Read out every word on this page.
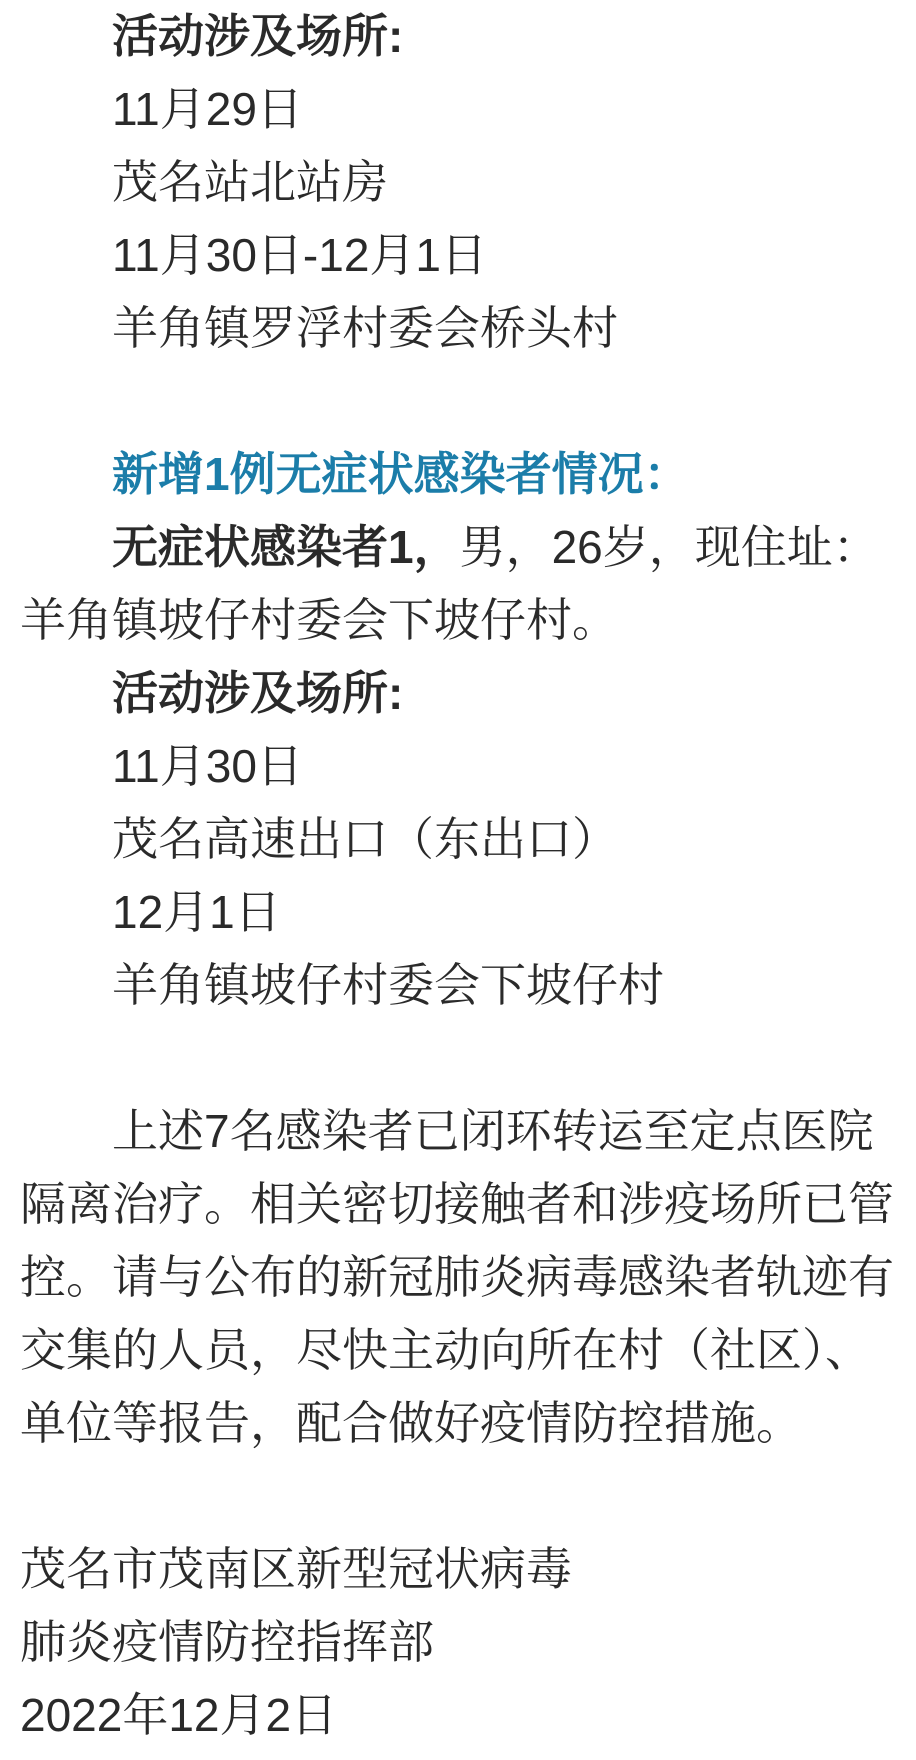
活动涉及场所:

11月29日

茂名站北站房

11月30日-12月1日

羊角镇罗浮村委会桥头村

新增1例无症状感染者情况：

无症状感染者1，男，26岁，现住址：羊角镇坡仔村委会下坡仔村。

活动涉及场所:

11月30日

茂名高速出口（东出口）

12月1日

羊角镇坡仔村委会下坡仔村

上述7名感染者已闭环转运至定点医院隔离治疗。相关密切接触者和涉疫场所已管控。请与公布的新冠肺炎病毒感染者轨迹有交集的人员，尽快主动向所在村（社区）、单位等报告，配合做好疫情防控措施。

茂名市茂南区新型冠状病毒

肺炎疫情防控指挥部

2022年12月2日
